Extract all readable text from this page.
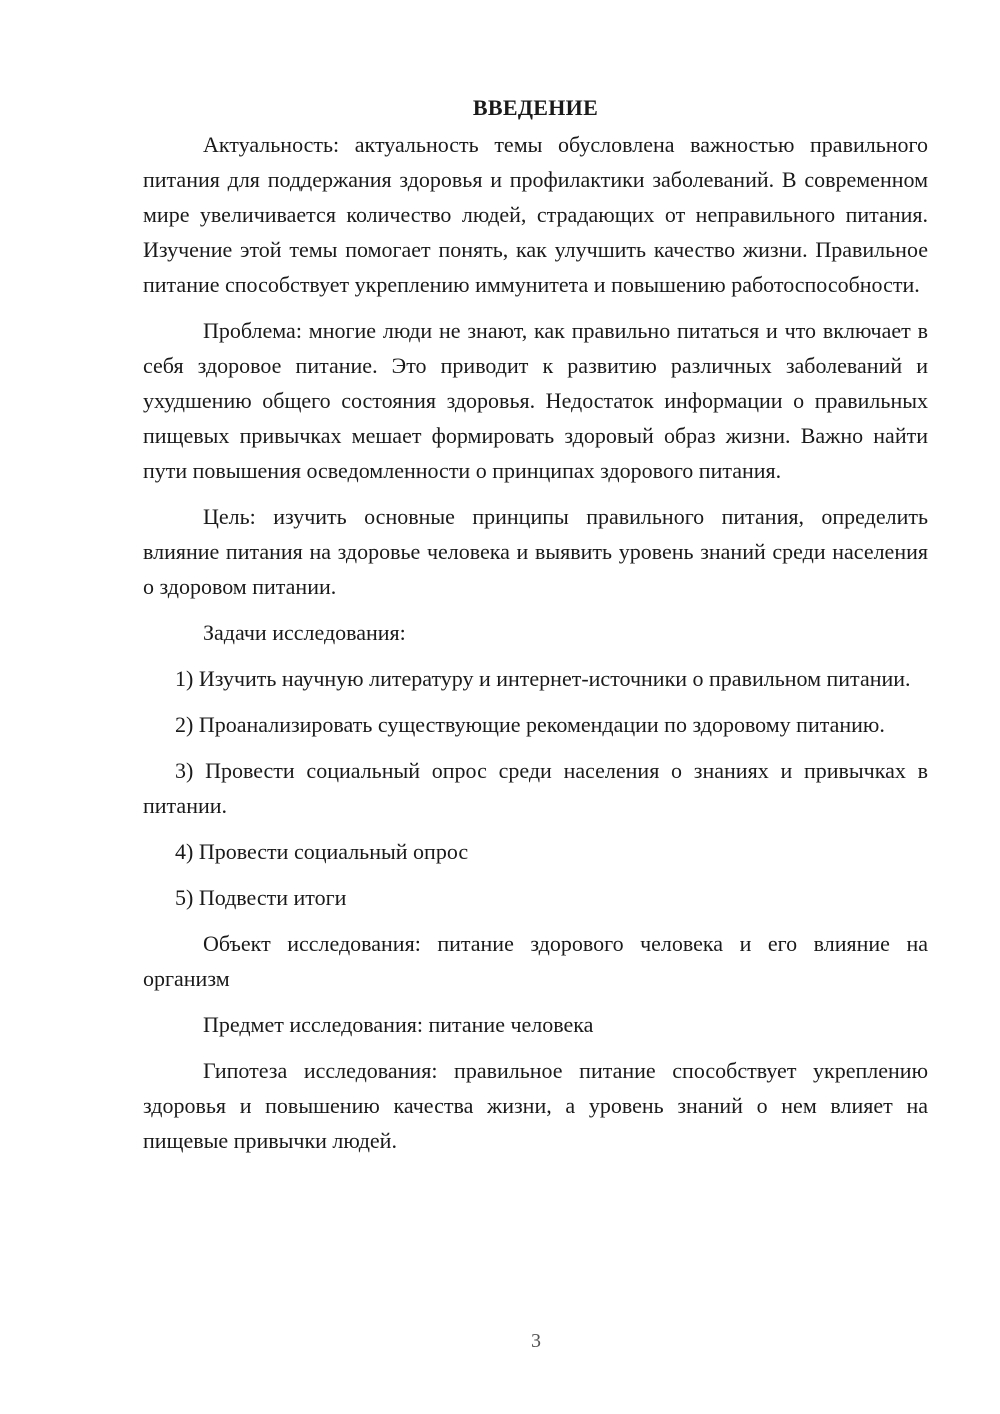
ВВЕДЕНИЕ

Актуальность: актуальность темы обусловлена важностью правильного питания для поддержания здоровья и профилактики заболеваний. В современном мире увеличивается количество людей, страдающих от неправильного питания. Изучение этой темы помогает понять, как улучшить качество жизни. Правильное питание способствует укреплению иммунитета и повышению работоспособности.

Проблема: многие люди не знают, как правильно питаться и что включает в себя здоровое питание. Это приводит к развитию различных заболеваний и ухудшению общего состояния здоровья. Недостаток информации о правильных пищевых привычках мешает формировать здоровый образ жизни. Важно найти пути повышения осведомленности о принципах здорового питания.

Цель: изучить основные принципы правильного питания, определить влияние питания на здоровье человека и выявить уровень знаний среди населения о здоровом питании.

Задачи исследования:

1) Изучить научную литературу и интернет-источники о правильном питании.

2) Проанализировать существующие рекомендации по здоровому питанию.

3) Провести социальный опрос среди населения о знаниях и привычках в питании.

4) Провести социальный опрос

5) Подвести итоги

Объект исследования: питание здорового человека и его влияние на организм

Предмет исследования: питание человека

Гипотеза исследования: правильное питание способствует укреплению здоровья и повышению качества жизни, а уровень знаний о нем влияет на пищевые привычки людей.

3
